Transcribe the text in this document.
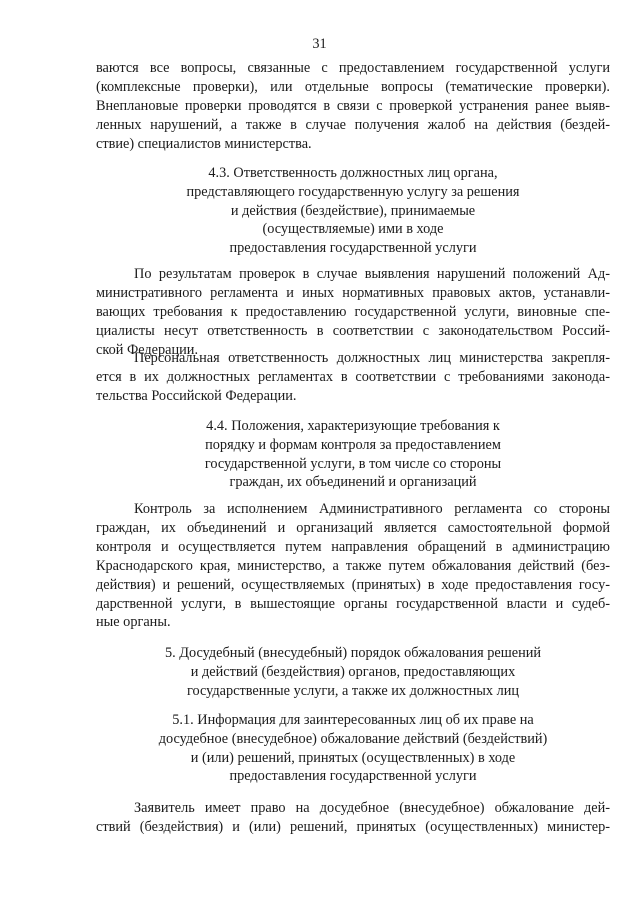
31
ваются все вопросы, связанные с предоставлением государственной услуги
(комплексные проверки), или отдельные вопросы (тематические проверки).
Внеплановые проверки проводятся в связи с проверкой устранения ранее выяв-
ленных нарушений, а также в случае получения жалоб на действия (бездей-
ствие) специалистов министерства.
4.3. Ответственность должностных лиц органа,
представляющего государственную услугу за решения
и действия (бездействие), принимаемые
(осуществляемые) ими в ходе
предоставления государственной услуги
По результатам проверок в случае выявления нарушений положений Ад-
министративного регламента и иных нормативных правовых актов, устанавли-
вающих требования к предоставлению государственной услуги, виновные спе-
циалисты несут ответственность в соответствии с законодательством Россий-
ской Федерации.
Персональная ответственность должностных лиц министерства закрепля-
ется в их должностных регламентах в соответствии с требованиями законода-
тельства Российской Федерации.
4.4. Положения, характеризующие требования к
порядку и формам контроля за предоставлением
государственной услуги, в том числе со стороны
граждан, их объединений и организаций
Контроль за исполнением Административного регламента со стороны
граждан, их объединений и организаций является самостоятельной формой
контроля и осуществляется путем направления обращений в администрацию
Краснодарского края, министерство, а также путем обжалования действий (без-
действия) и решений, осуществляемых (принятых) в ходе предоставления госу-
дарственной услуги, в вышестоящие органы государственной власти и судеб-
ные органы.
5. Досудебный (внесудебный) порядок обжалования решений
и действий (бездействия) органов, предоставляющих
государственные услуги, а также их должностных лиц
5.1. Информация для заинтересованных лиц об их праве на
досудебное (внесудебное) обжалование действий (бездействий)
и (или) решений, принятых (осуществленных) в ходе
предоставления государственной услуги
Заявитель имеет право на досудебное (внесудебное) обжалование дей-
ствий (бездействия) и (или) решений, принятых (осуществленных) министер-
